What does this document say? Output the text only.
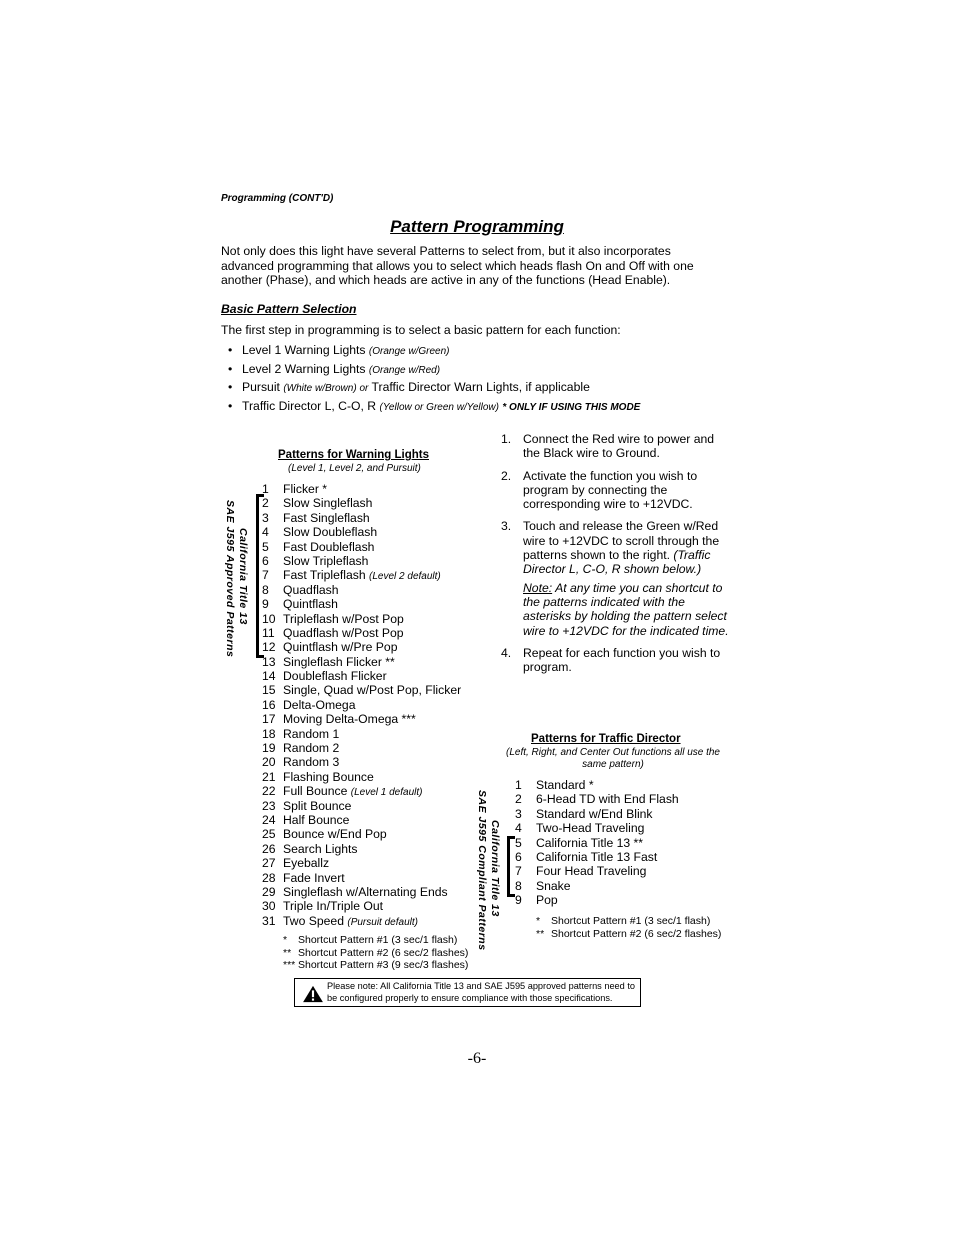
Programming (CONT'D)
Pattern Programming
Not only does this light have several Patterns to select from, but it also incorporates advanced programming that allows you to select which heads flash On and Off with one another (Phase), and which heads are active in any of the functions (Head Enable).
Basic Pattern Selection
The first step in programming is to select a basic pattern for each function:
• Level 1 Warning Lights (Orange w/Green)
• Level 2 Warning Lights (Orange w/Red)
• Pursuit (White w/Brown) or Traffic Director Warn Lights, if applicable
• Traffic Director L, C-O, R (Yellow or Green w/Yellow) * ONLY IF USING THIS MODE
Patterns for Warning Lights
(Level 1, Level 2, and Pursuit)
SAE J595 Approved Patterns California Title 13
1 Flicker *
2 Slow Singleflash
3 Fast Singleflash
4 Slow Doubleflash
5 Fast Doubleflash
6 Slow Tripleflash
7 Fast Tripleflash (Level 2 default)
8 Quadflash
9 Quintflash
10 Tripleflash w/Post Pop
11 Quadflash w/Post Pop
12 Quintflash w/Pre Pop
13 Singleflash Flicker **
14 Doubleflash Flicker
15 Single, Quad w/Post Pop, Flicker
16 Delta-Omega
17 Moving Delta-Omega ***
18 Random 1
19 Random 2
20 Random 3
21 Flashing Bounce
22 Full Bounce (Level 1 default)
23 Split Bounce
24 Half Bounce
25 Bounce w/End Pop
26 Search Lights
27 Eyeballz
28 Fade Invert
29 Singleflash w/Alternating Ends
30 Triple In/Triple Out
31 Two Speed (Pursuit default)
* Shortcut Pattern #1 (3 sec/1 flash)
** Shortcut Pattern #2 (6 sec/2 flashes)
*** Shortcut Pattern #3 (9 sec/3 flashes)
1. Connect the Red wire to power and the Black wire to Ground.
2. Activate the function you wish to program by connecting the corresponding wire to +12VDC.
3. Touch and release the Green w/Red wire to +12VDC to scroll through the patterns shown to the right. (Traffic Director L, C-O, R shown below.)
Note: At any time you can shortcut to the patterns indicated with the asterisks by holding the pattern select wire to +12VDC for the indicated time.
4. Repeat for each function you wish to program.
Patterns for Traffic Director
(Left, Right, and Center Out functions all use the same pattern)
SAE J595 Compliant Patterns California Title 13
1 Standard *
2 6-Head TD with End Flash
3 Standard w/End Blink
4 Two-Head Traveling
5 California Title 13 **
6 California Title 13 Fast
7 Four Head Traveling
8 Snake
9 Pop
* Shortcut Pattern #1 (3 sec/1 flash)
** Shortcut Pattern #2 (6 sec/2 flashes)
Please note: All California Title 13 and SAE J595 approved patterns need to be configured properly to ensure compliance with those specifications.
-6-
